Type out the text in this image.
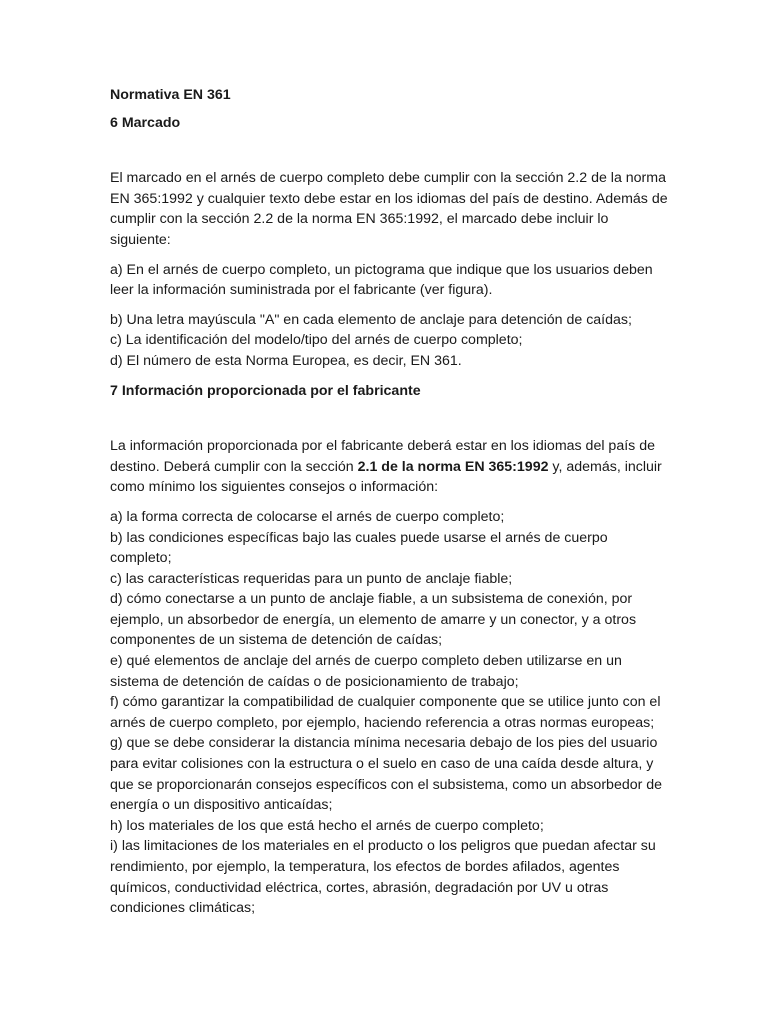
Normativa EN 361

6 Marcado

El marcado en el arnés de cuerpo completo debe cumplir con la sección 2.2 de la norma EN 365:1992 y cualquier texto debe estar en los idiomas del país de destino. Además de cumplir con la sección 2.2 de la norma EN 365:1992, el marcado debe incluir lo siguiente:

a) En el arnés de cuerpo completo, un pictograma que indique que los usuarios deben leer la información suministrada por el fabricante (ver figura).

b) Una letra mayúscula "A" en cada elemento de anclaje para detención de caídas;
c) La identificación del modelo/tipo del arnés de cuerpo completo;
d) El número de esta Norma Europea, es decir, EN 361.

7 Información proporcionada por el fabricante

La información proporcionada por el fabricante deberá estar en los idiomas del país de destino. Deberá cumplir con la sección 2.1 de la norma EN 365:1992 y, además, incluir como mínimo los siguientes consejos o información:

a) la forma correcta de colocarse el arnés de cuerpo completo;
b) las condiciones específicas bajo las cuales puede usarse el arnés de cuerpo completo;
c) las características requeridas para un punto de anclaje fiable;
d) cómo conectarse a un punto de anclaje fiable, a un subsistema de conexión, por ejemplo, un absorbedor de energía, un elemento de amarre y un conector, y a otros componentes de un sistema de detención de caídas;
e) qué elementos de anclaje del arnés de cuerpo completo deben utilizarse en un sistema de detención de caídas o de posicionamiento de trabajo;
f) cómo garantizar la compatibilidad de cualquier componente que se utilice junto con el arnés de cuerpo completo, por ejemplo, haciendo referencia a otras normas europeas;
g) que se debe considerar la distancia mínima necesaria debajo de los pies del usuario para evitar colisiones con la estructura o el suelo en caso de una caída desde altura, y que se proporcionarán consejos específicos con el subsistema, como un absorbedor de energía o un dispositivo anticaídas;
h) los materiales de los que está hecho el arnés de cuerpo completo;
i) las limitaciones de los materiales en el producto o los peligros que puedan afectar su rendimiento, por ejemplo, la temperatura, los efectos de bordes afilados, agentes químicos, conductividad eléctrica, cortes, abrasión, degradación por UV u otras condiciones climáticas;
